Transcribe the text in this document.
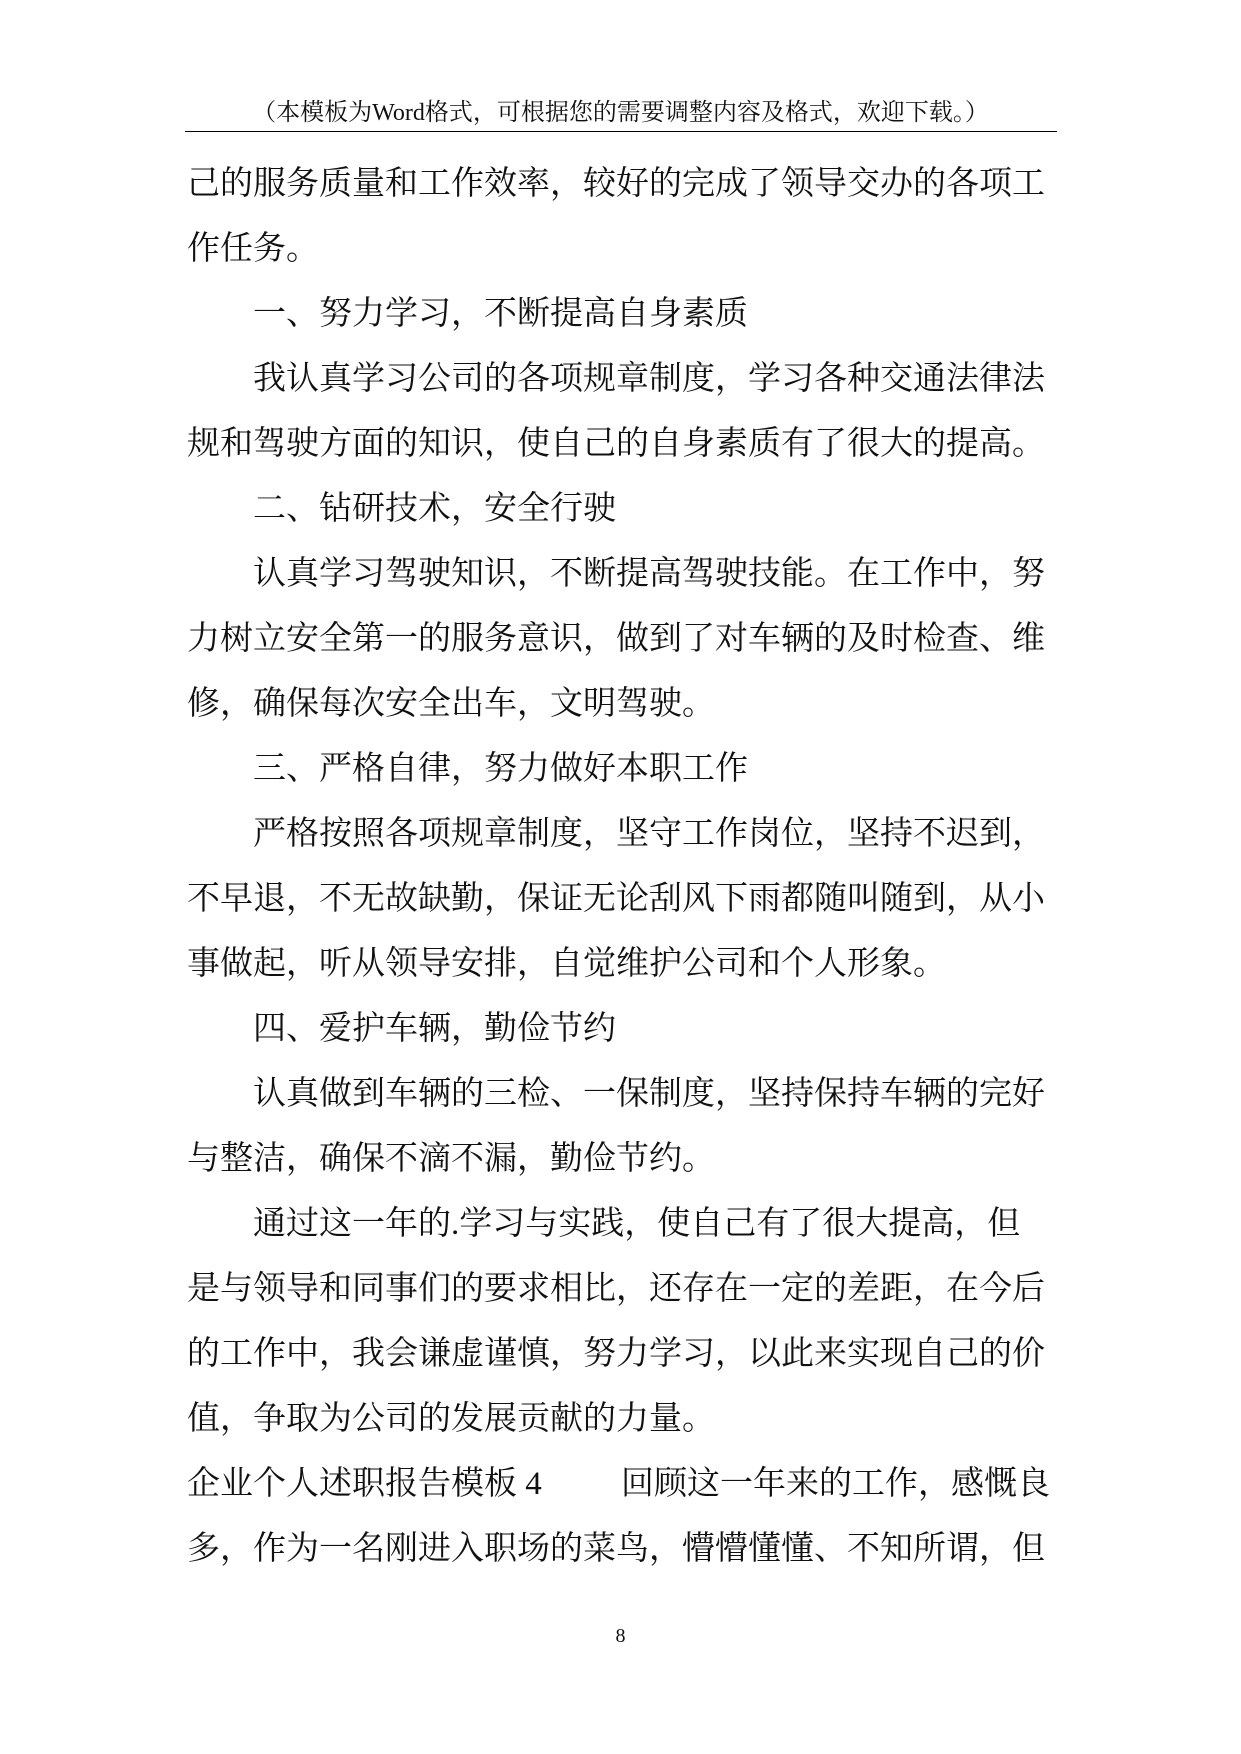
（本模板为Word格式，可根据您的需要调整内容及格式，欢迎下载。）
己的服务质量和工作效率，较好的完成了领导交办的各项工
作任务。
一、努力学习，不断提高自身素质
我认真学习公司的各项规章制度，学习各种交通法律法
规和驾驶方面的知识，使自己的自身素质有了很大的提高。
二、钻研技术，安全行驶
认真学习驾驶知识，不断提高驾驶技能。在工作中，努
力树立安全第一的服务意识，做到了对车辆的及时检查、维
修，确保每次安全出车，文明驾驶。
三、严格自律，努力做好本职工作
严格按照各项规章制度，坚守工作岗位，坚持不迟到，
不早退，不无故缺勤，保证无论刮风下雨都随叫随到，从小
事做起，听从领导安排，自觉维护公司和个人形象。
四、爱护车辆，勤俭节约
认真做到车辆的三检、一保制度，坚持保持车辆的完好
与整洁，确保不滴不漏，勤俭节约。
通过这一年的.学习与实践，使自己有了很大提高，但
是与领导和同事们的要求相比，还存在一定的差距，在今后
的工作中，我会谦虚谨慎，努力学习，以此来实现自己的价
值，争取为公司的发展贡献的力量。
企业个人述职报告模板 4 回顾这一年来的工作，感慨良
多，作为一名刚进入职场的菜鸟，懵懵懂懂、不知所谓，但
8
